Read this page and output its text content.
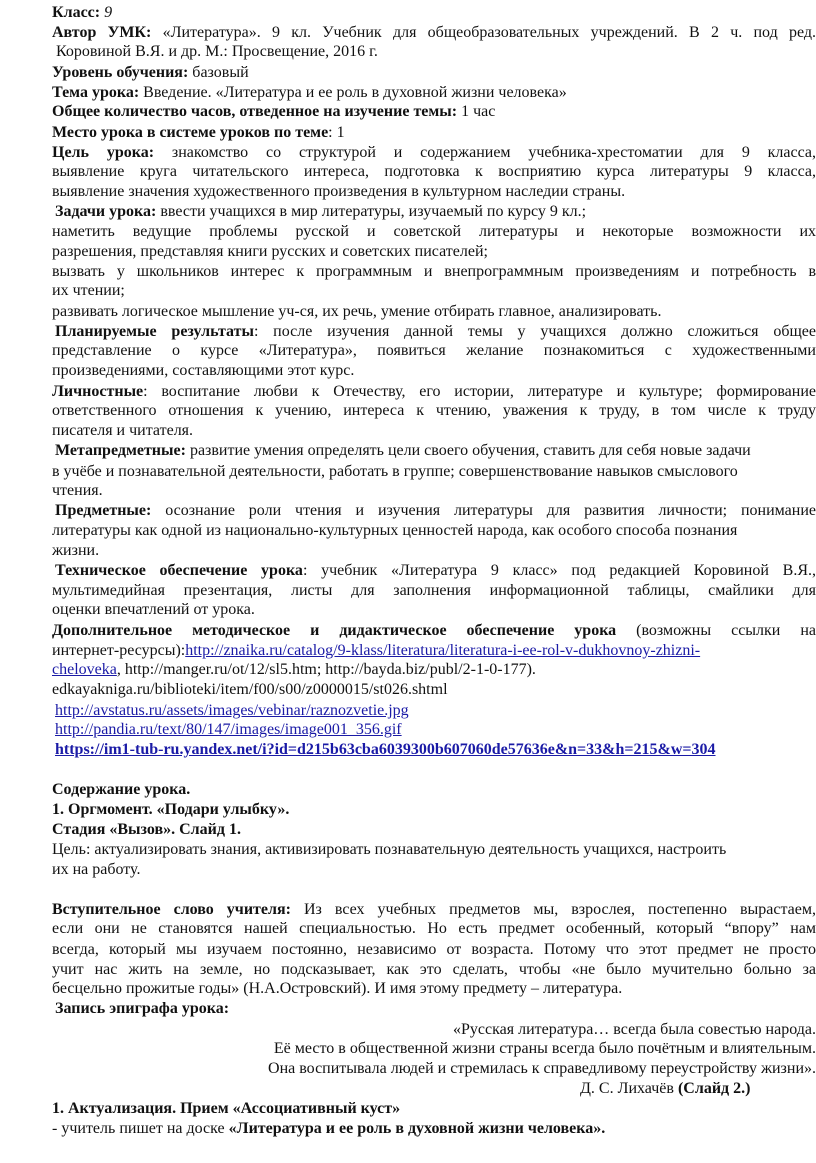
Класс: 9
Автор УМК: «Литература». 9 кл. Учебник для общеобразовательных учреждений. В 2 ч. под ред.
Коровиной В.Я. и др. М.: Просвещение, 2016 г.
Уровень обучения: базовый
Тема урока: Введение. «Литература и ее роль в духовной жизни человека»
Общее количество часов, отведенное на изучение темы: 1 час
Место урока в системе уроков по теме: 1
Цель урока: знакомство со структурой и содержанием учебника-хрестоматии для 9 класса,
выявление круга читательского интереса, подготовка к восприятию курса литературы 9 класса,
выявление значения художественного произведения в культурном наследии страны.
Задачи урока: ввести учащихся в мир литературы, изучаемый по курсу 9 кл.;
наметить ведущие проблемы русской и советской литературы и некоторые возможности их
разрешения, представляя книги русских и советских писателей;
вызвать у школьников интерес к программным и внепрограммным произведениям и потребность в
их чтении;
развивать логическое мышление уч-ся, их речь, умение отбирать главное, анализировать.
Планируемые результаты: после изучения данной темы у учащихся должно сложиться общее
представление о курсе «Литература», появиться желание познакомиться с художественными
произведениями, составляющими этот курс.
Личностные: воспитание любви к Отечеству, его истории, литературе и культуре; формирование
ответственного отношения к учению, интереса к чтению, уважения к труду, в том числе к труду
писателя и читателя.
Метапредметные: развитие умения определять цели своего обучения, ставить для себя новые задачи
в учёбе и познавательной деятельности, работать в группе; совершенствование навыков смыслового
чтения.
Предметные: осознание роли чтения и изучения литературы для развития личности; понимание
литературы как одной из национально-культурных ценностей народа, как особого способа познания
жизни.
Техническое обеспечение урока: учебник «Литература 9 класс» под редакцией Коровиной В.Я.,
мультимедийная презентация, листы для заполнения информационной таблицы, смайлики для
оценки впечатлений от урока.
Дополнительное методическое и дидактическое обеспечение урока (возможны ссылки на
интернет-ресурсы):http://znaika.ru/catalog/9-klass/literatura/literatura-i-ee-rol-v-dukhovnoy-zhizni-
cheloveka, http://manger.ru/ot/12/sl5.htm; http://bayda.biz/publ/2-1-0-177).
edkayakniga.ru/biblioteki/item/f00/s00/z0000015/st026.shtml
http://avstatus.ru/assets/images/vebinar/raznozvetie.jpg
http://pandia.ru/text/80/147/images/image001_356.gif
https://im1-tub-ru.yandex.net/i?id=d215b63cba6039300b607060de57636e&n=33&h=215&w=304
Содержание урока.
1. Оргмомент. «Подари улыбку».
Стадия «Вызов». Слайд 1.
Цель: актуализировать знания, активизировать познавательную деятельность учащихся, настроить
их на работу.
Вступительное слово учителя: Из всех учебных предметов мы, взрослея, постепенно вырастаем,
если они не становятся нашей специальностью. Но есть предмет особенный, который “впору” нам
всегда, который мы изучаем постоянно, независимо от возраста. Потому что этот предмет не просто
учит нас жить на земле, но подсказывает, как это сделать, чтобы «не было мучительно больно за
бесцельно прожитые годы» (Н.А.Островский). И имя этому предмету – литература.
Запись эпиграфа урока:
«Русская литература… всегда была совестью народа.
Её место в общественной жизни страны всегда было почётным и влиятельным.
Она воспитывала людей и стремилась к справедливому переустройству жизни».
Д. С. Лихачёв (Слайд 2.)
1. Актуализация. Прием «Ассоциативный куст»
- учитель пишет на доске «Литература и ее роль в духовной жизни человека».
